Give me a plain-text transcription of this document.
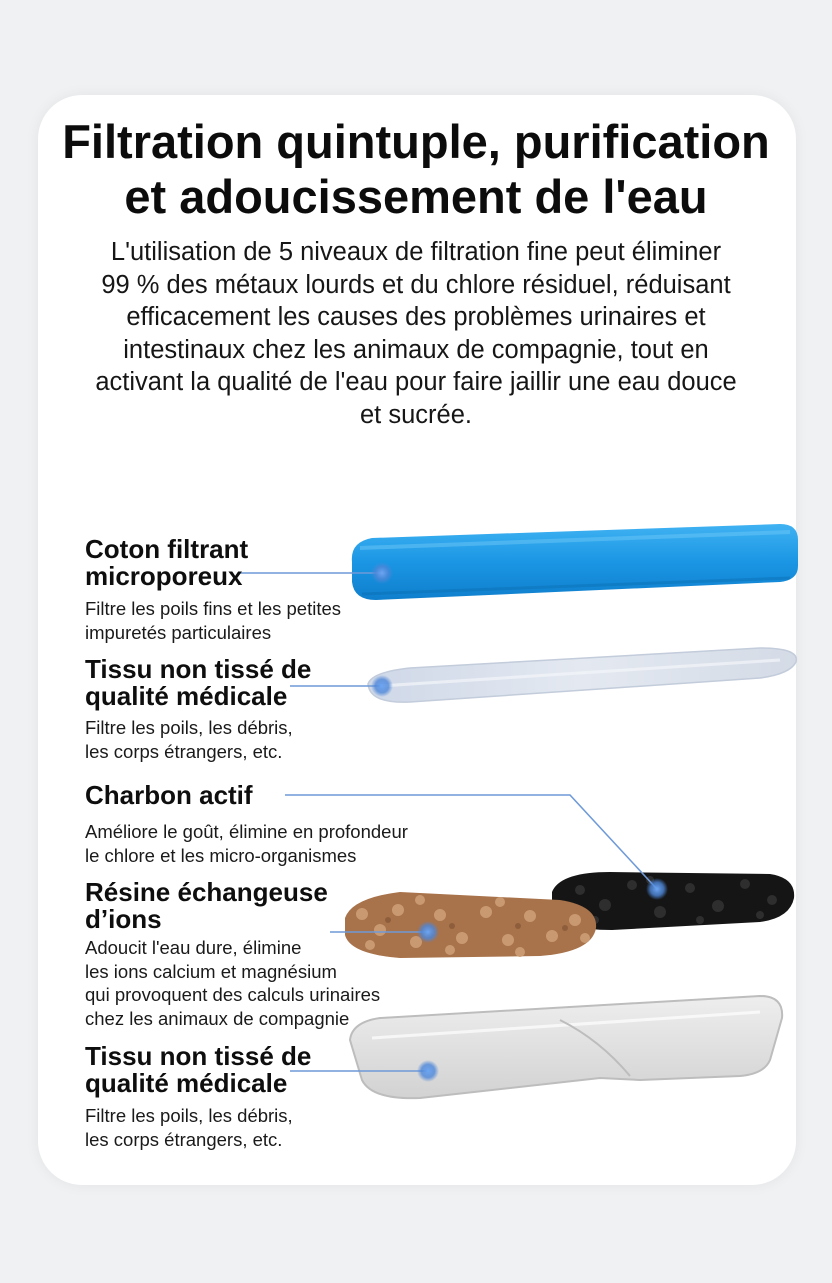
Filtration quintuple, purification
et adoucissement de l'eau
L'utilisation de 5 niveaux de filtration fine peut éliminer
99 % des métaux lourds et du chlore résiduel, réduisant
efficacement les causes des problèmes urinaires et
intestinaux chez les animaux de compagnie, tout en
activant la qualité de l'eau pour faire jaillir une eau douce
et sucrée.
Coton filtrant
microporeux
Filtre les poils fins et les petites
impuretés particulaires
Tissu non tissé de
qualité médicale
Filtre les poils, les débris,
les corps étrangers, etc.
Charbon actif
Améliore le goût, élimine en profondeur
le chlore et les micro-organismes
Résine échangeuse
d’ions
Adoucit l'eau dure, élimine
les ions calcium et magnésium
qui provoquent des calculs urinaires
chez les animaux de compagnie
Tissu non tissé de
qualité médicale
Filtre les poils, les débris,
les corps étrangers, etc.
